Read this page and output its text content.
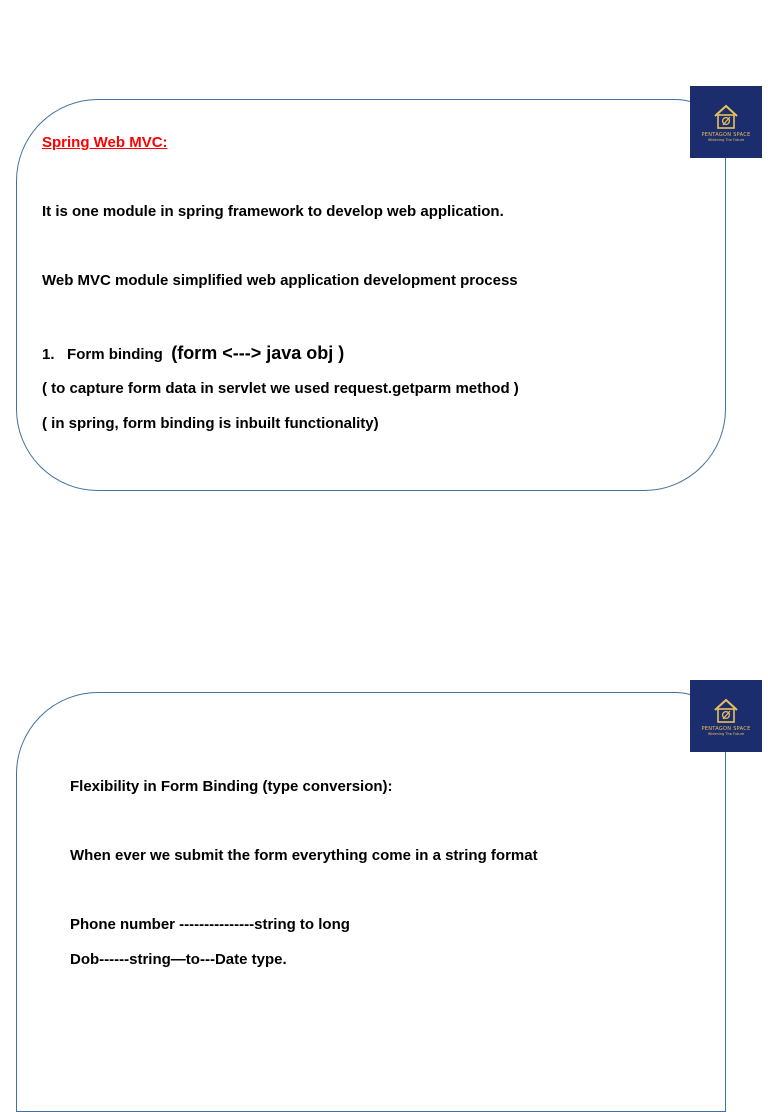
PENTAGON SPACE
Widening The Future
Spring Web MVC:
It is one module in spring framework to develop web application.
Web MVC module simplified web application development process
1. Form binding (form <---> java obj )
( to capture form data in servlet we used request.getparm method )
( in spring, form binding is inbuilt functionality)
PENTAGON SPACE
Widening The Future
Flexibility in Form Binding (type conversion):
When ever we submit the form everything come in a string format
Phone number ---------------string to long
Dob------string—to---Date type.
